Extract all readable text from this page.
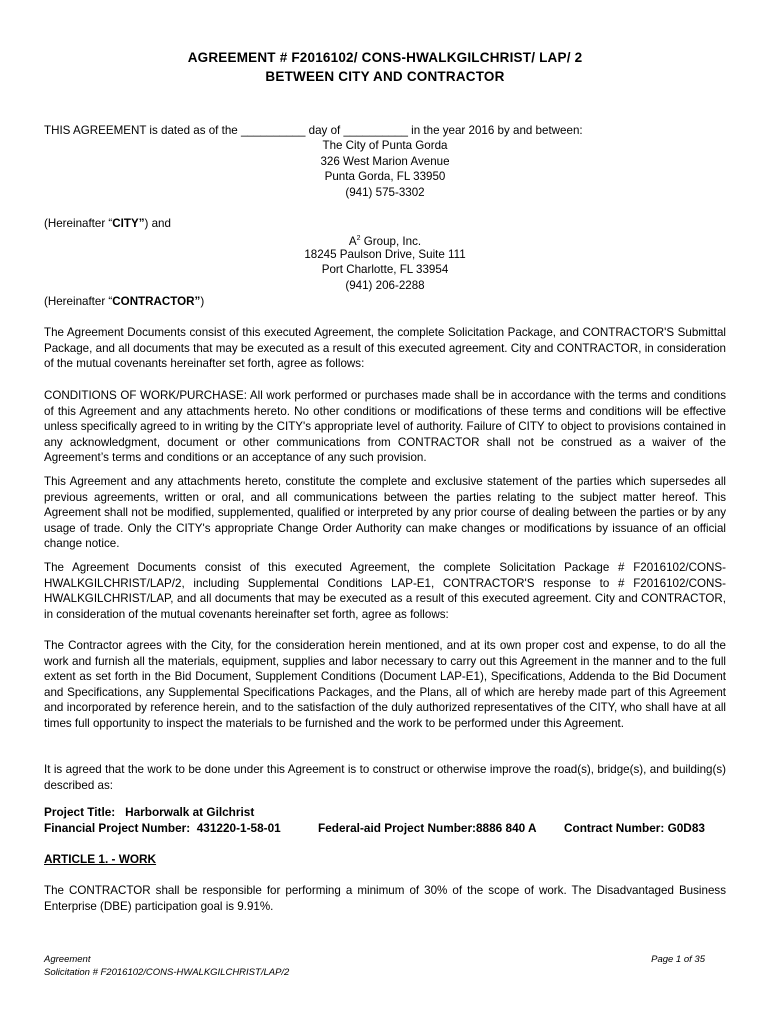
AGREEMENT # F2016102/ CONS-HWALKGILCHRIST/ LAP/ 2
BETWEEN CITY AND CONTRACTOR
THIS AGREEMENT is dated as of the __________ day of __________ in the year 2016 by and between:
The City of Punta Gorda
326 West Marion Avenue
Punta Gorda, FL 33950
(941) 575-3302
(Hereinafter “CITY”) and
$A^2$ Group, Inc.
18245 Paulson Drive, Suite 111
Port Charlotte, FL 33954
(941) 206-2288
(Hereinafter “CONTRACTOR”)
The Agreement Documents consist of this executed Agreement, the complete Solicitation Package, and CONTRACTOR'S Submittal Package, and all documents that may be executed as a result of this executed agreement. City and CONTRACTOR, in consideration of the mutual covenants hereinafter set forth, agree as follows:
CONDITIONS OF WORK/PURCHASE: All work performed or purchases made shall be in accordance with the terms and conditions of this Agreement and any attachments hereto. No other conditions or modifications of these terms and conditions will be effective unless specifically agreed to in writing by the CITY's appropriate level of authority. Failure of CITY to object to provisions contained in any acknowledgment, document or other communications from CONTRACTOR shall not be construed as a waiver of the Agreement’s terms and conditions or an acceptance of any such provision.
This Agreement and any attachments hereto, constitute the complete and exclusive statement of the parties which supersedes all previous agreements, written or oral, and all communications between the parties relating to the subject matter hereof. This Agreement shall not be modified, supplemented, qualified or interpreted by any prior course of dealing between the parties or by any usage of trade. Only the CITY's appropriate Change Order Authority can make changes or modifications by issuance of an official change notice.
The Agreement Documents consist of this executed Agreement, the complete Solicitation Package # F2016102/CONS-HWALKGILCHRIST/LAP/2, including Supplemental Conditions LAP-E1, CONTRACTOR'S response to # F2016102/CONS-HWALKGILCHRIST/LAP, and all documents that may be executed as a result of this executed agreement. City and CONTRACTOR, in consideration of the mutual covenants hereinafter set forth, agree as follows:
The Contractor agrees with the City, for the consideration herein mentioned, and at its own proper cost and expense, to do all the work and furnish all the materials, equipment, supplies and labor necessary to carry out this Agreement in the manner and to the full extent as set forth in the Bid Document, Supplement Conditions (Document LAP-E1), Specifications, Addenda to the Bid Document and Specifications, any Supplemental Specifications Packages, and the Plans, all of which are hereby made part of this Agreement and incorporated by reference herein, and to the satisfaction of the duly authorized representatives of the CITY, who shall have at all times full opportunity to inspect the materials to be furnished and the work to be performed under this Agreement.
It is agreed that the work to be done under this Agreement is to construct or otherwise improve the road(s), bridge(s), and building(s) described as:
Project Title: Harborwalk at Gilchrist
Financial Project Number: 431220-1-58-01	Federal-aid Project Number:8886 840 A Contract Number: G0D83
ARTICLE 1. - WORK
The CONTRACTOR shall be responsible for performing a minimum of 30% of the scope of work. The Disadvantaged Business Enterprise (DBE) participation goal is 9.91%.
Agreement
Solicitation # F2016102/CONS-HWALKGILCHRIST/LAP/2
Page 1 of 35
